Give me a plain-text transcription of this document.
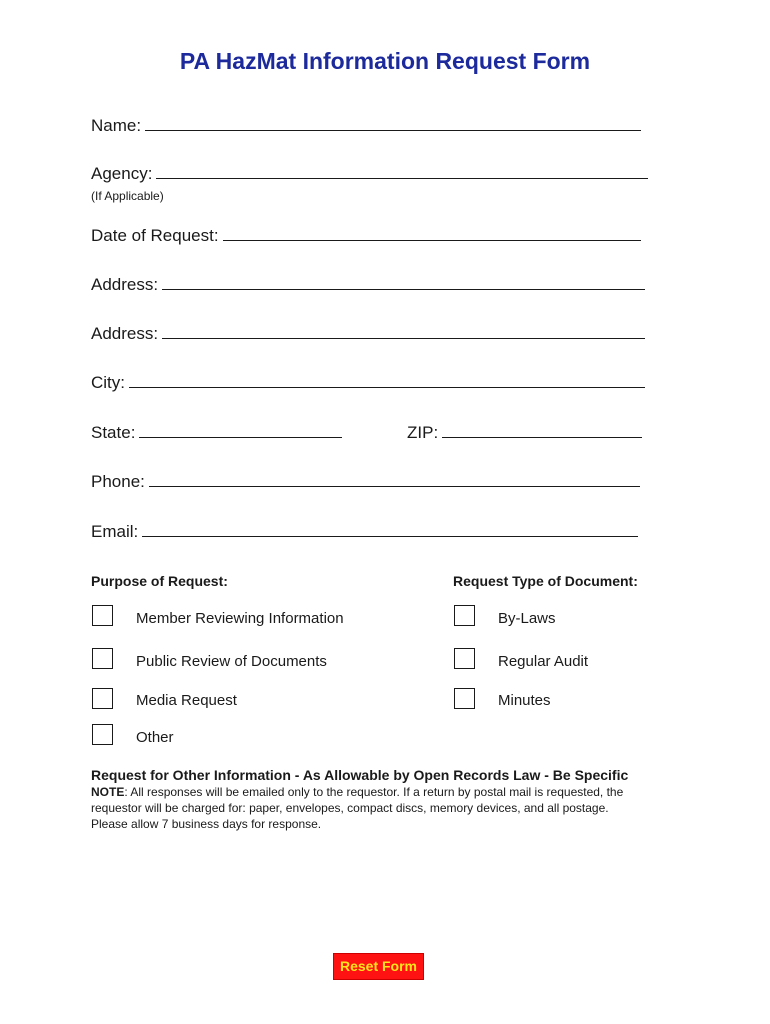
PA HazMat Information Request Form
Name:
Agency:
(If Applicable)
Date of Request:
Address:
Address:
City:
State:	ZIP:
Phone:
Email:
Purpose of Request:	Request Type of Document:
Member Reviewing Information
Public Review of Documents
Media Request
Other
By-Laws
Regular Audit
Minutes
Request for Other Information - As Allowable by Open Records Law - Be Specific
NOTE: All responses will be emailed only to the requestor. If a return by postal mail is requested, the
requestor will be charged for: paper, envelopes, compact discs, memory devices, and all postage.
Please allow 7 business days for response.
Reset Form
